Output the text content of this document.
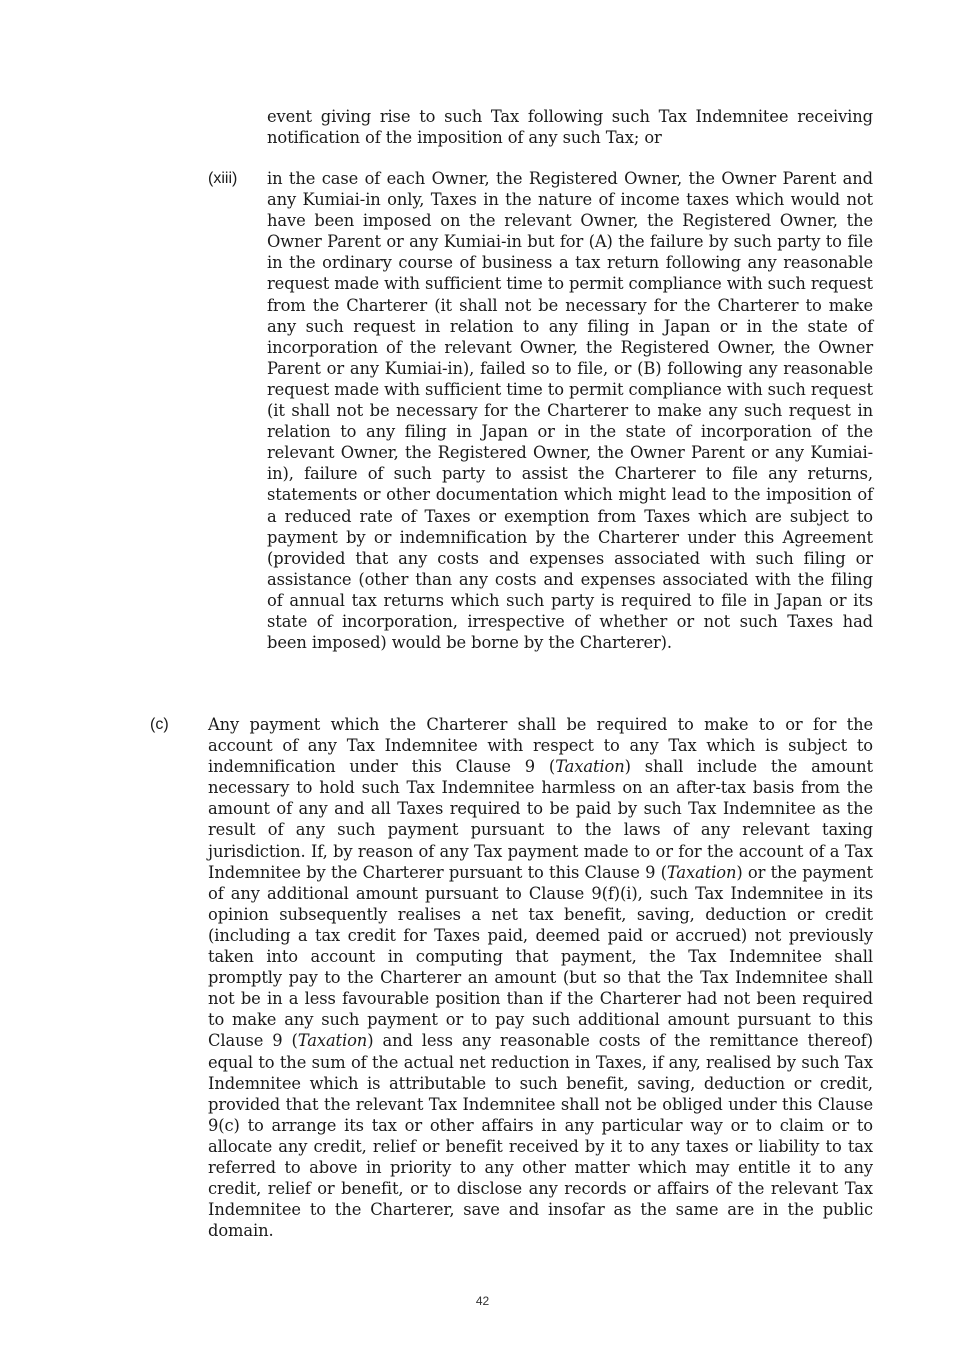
event giving rise to such Tax following such Tax Indemnitee receiving notification of the imposition of any such Tax; or

(xiii) in the case of each Owner, the Registered Owner, the Owner Parent and any Kumiai-in only, Taxes in the nature of income taxes which would not have been imposed on the relevant Owner, the Registered Owner, the Owner Parent or any Kumiai-in but for (A) the failure by such party to file in the ordinary course of business a tax return following any reasonable request made with sufficient time to permit compliance with such request from the Charterer (it shall not be necessary for the Charterer to make any such request in relation to any filing in Japan or in the state of incorporation of the relevant Owner, the Registered Owner, the Owner Parent or any Kumiai-in), failed so to file, or (B) following any reasonable request made with sufficient time to permit compliance with such request (it shall not be necessary for the Charterer to make any such request in relation to any filing in Japan or in the state of incorporation of the relevant Owner, the Registered Owner, the Owner Parent or any Kumiai-in), failure of such party to assist the Charterer to file any returns, statements or other documentation which might lead to the imposition of a reduced rate of Taxes or exemption from Taxes which are subject to payment by or indemnification by the Charterer under this Agreement (provided that any costs and expenses associated with such filing or assistance (other than any costs and expenses associated with the filing of annual tax returns which such party is required to file in Japan or its state of incorporation, irrespective of whether or not such Taxes had been imposed) would be borne by the Charterer).

(c) Any payment which the Charterer shall be required to make to or for the account of any Tax Indemnitee with respect to any Tax which is subject to indemnification under this Clause 9 (Taxation) shall include the amount necessary to hold such Tax Indemnitee harmless on an after-tax basis from the amount of any and all Taxes required to be paid by such Tax Indemnitee as the result of any such payment pursuant to the laws of any relevant taxing jurisdiction. If, by reason of any Tax payment made to or for the account of a Tax Indemnitee by the Charterer pursuant to this Clause 9 (Taxation) or the payment of any additional amount pursuant to Clause 9(f)(i), such Tax Indemnitee in its opinion subsequently realises a net tax benefit, saving, deduction or credit (including a tax credit for Taxes paid, deemed paid or accrued) not previously taken into account in computing that payment, the Tax Indemnitee shall promptly pay to the Charterer an amount (but so that the Tax Indemnitee shall not be in a less favourable position than if the Charterer had not been required to make any such payment or to pay such additional amount pursuant to this Clause 9 (Taxation) and less any reasonable costs of the remittance thereof) equal to the sum of the actual net reduction in Taxes, if any, realised by such Tax Indemnitee which is attributable to such benefit, saving, deduction or credit, provided that the relevant Tax Indemnitee shall not be obliged under this Clause 9(c) to arrange its tax or other affairs in any particular way or to claim or to allocate any credit, relief or benefit received by it to any taxes or liability to tax referred to above in priority to any other matter which may entitle it to any credit, relief or benefit, or to disclose any records or affairs of the relevant Tax Indemnitee to the Charterer, save and insofar as the same are in the public domain.

42
